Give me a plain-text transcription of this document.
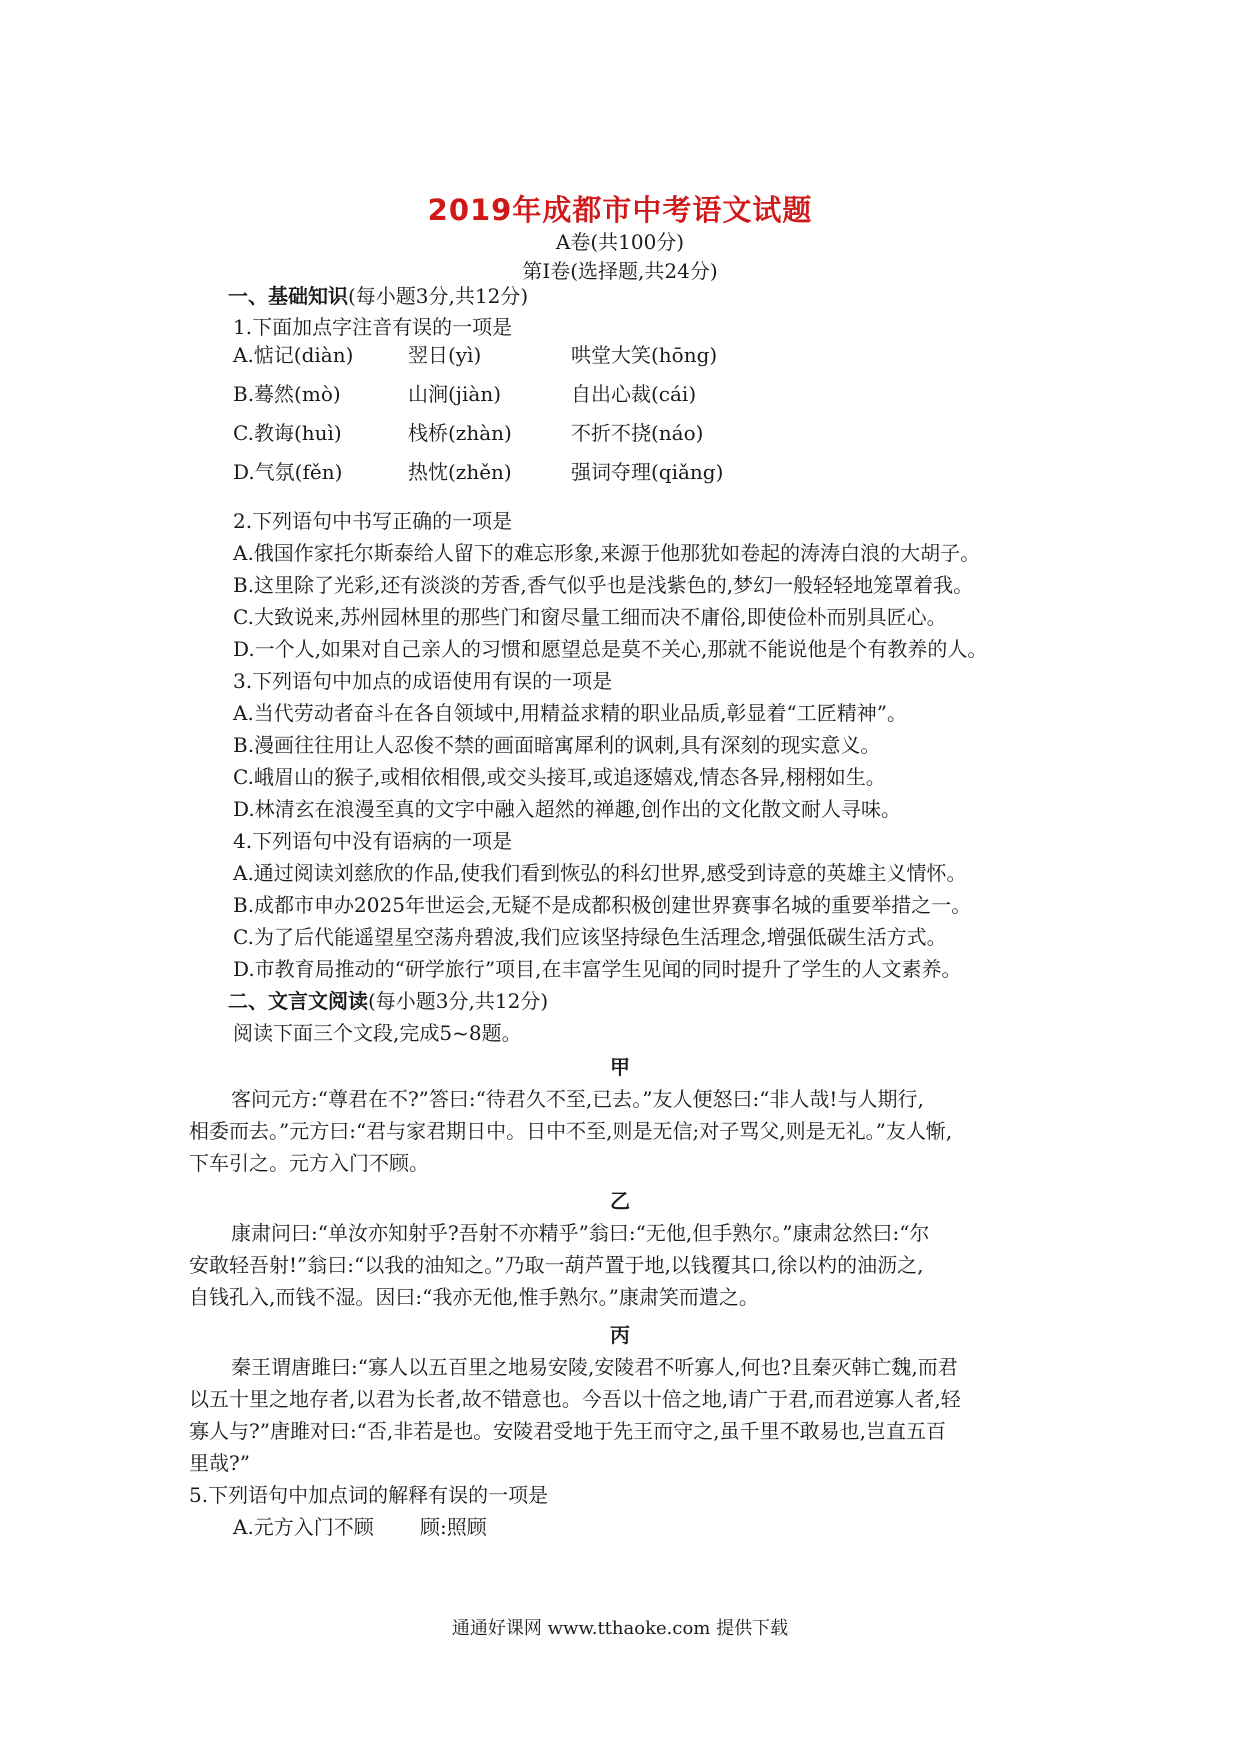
2019年成都市中考语文试题
A卷(共100分)
第Ⅰ卷(选择题,共24分)
一、基础知识(每小题3分,共12分)
1.下面加点字注音有误的一项是
A.惦记(diàn)	翌日(yì)	哄堂大笑(hōng)
B.蓦然(mò)	山涧(jiàn)	自出心裁(cái)
C.教诲(huì)	栈桥(zhàn)	不折不挠(náo)
D.气氛(fěn)	热忱(zhěn)	强词夺理(qiǎng)
2.下列语句中书写正确的一项是
A.俄国作家托尔斯泰给人留下的难忘形象,来源于他那犹如卷起的涛涛白浪的大胡子。
B.这里除了光彩,还有淡淡的芳香,香气似乎也是浅紫色的,梦幻一般轻轻地笼罩着我。
C.大致说来,苏州园林里的那些门和窗尽量工细而决不庸俗,即使俭朴而别具匠心。
D.一个人,如果对自己亲人的习惯和愿望总是莫不关心,那就不能说他是个有教养的人。
3.下列语句中加点的成语使用有误的一项是
A.当代劳动者奋斗在各自领域中,用精益求精的职业品质,彰显着“工匠精神”。
B.漫画往往用让人忍俊不禁的画面暗寓犀利的讽刺,具有深刻的现实意义。
C.峨眉山的猴子,或相依相偎,或交头接耳,或追逐嬉戏,情态各异,栩栩如生。
D.林清玄在浪漫至真的文字中融入超然的禅趣,创作出的文化散文耐人寻味。
4.下列语句中没有语病的一项是
A.通过阅读刘慈欣的作品,使我们看到恢弘的科幻世界,感受到诗意的英雄主义情怀。
B.成都市申办2025年世运会,无疑不是成都积极创建世界赛事名城的重要举措之一。
C.为了后代能遥望星空荡舟碧波,我们应该坚持绿色生活理念,增强低碳生活方式。
D.市教育局推动的“研学旅行”项目,在丰富学生见闻的同时提升了学生的人文素养。
二、文言文阅读(每小题3分,共12分)
阅读下面三个文段,完成5~8题。
甲
客问元方:“尊君在不?”答曰:“待君久不至,已去。”友人便怒曰:“非人哉!与人期行,
相委而去。”元方曰:“君与家君期日中。日中不至,则是无信;对子骂父,则是无礼。”友人惭,
下车引之。元方入门不顾。
乙
康肃问曰:“单汝亦知射乎?吾射不亦精乎”翁曰:“无他,但手熟尔。”康肃忿然曰:“尔
安敢轻吾射!”翁曰:“以我的油知之。”乃取一葫芦置于地,以钱覆其口,徐以杓的油沥之,
自钱孔入,而钱不湿。因曰:“我亦无他,惟手熟尔。”康肃笑而遣之。
丙
秦王谓唐雎曰:“寡人以五百里之地易安陵,安陵君不听寡人,何也?且秦灭韩亡魏,而君
以五十里之地存者,以君为长者,故不错意也。今吾以十倍之地,请广于君,而君逆寡人者,轻
寡人与?”唐雎对曰:“否,非若是也。安陵君受地于先王而守之,虽千里不敢易也,岂直五百
里哉?”
5.下列语句中加点词的解释有误的一项是
A.元方入门不顾 顾:照顾
通通好课网 www.tthaoke.com 提供下载
